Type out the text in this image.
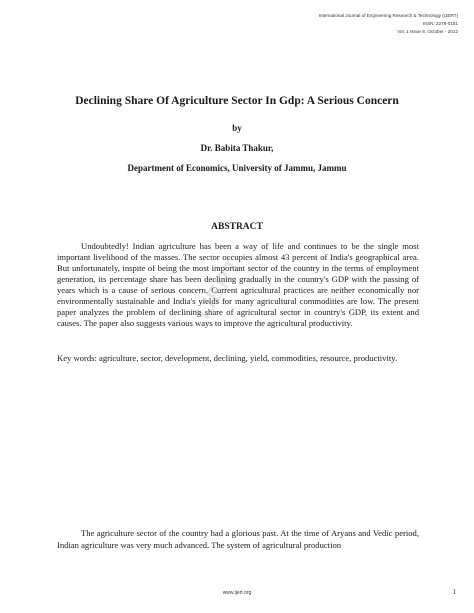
International Journal of Engineering Research & Technology (IJERT)
ISSN: 2278-0181
Vol. 1 Issue 8, October - 2012
Declining Share Of Agriculture Sector In Gdp: A Serious Concern
by
Dr. Babita Thakur,
Department of Economics, University of Jammu, Jammu
ABSTRACT

Undoubtedly! Indian agriculture has been a way of life and continues to be the single most important livelihood of the masses. The sector occupies almost 43 percent of India's geographical area. But unfortunately, inspite of being the most important sector of the country in the terms of employment generation, its percentage share has been declining gradually in the country's GDP with the passing of years which is a cause of serious concern. Current agricultural practices are neither economically nor environmentally sustainable and India's yields for many agricultural commodities are low. The present paper analyzes the problem of declining share of agricultural sector in country's GDP, its extent and causes. The paper also suggests various ways to improve the agricultural productivity.

Key words: agriculture, sector, development, declining, yield, commodities, resource, productivity.

IJERT

The agriculture sector of the country had a glorious past. At the time of Aryans and Vedic period, Indian agriculture was very much advanced. The system of agricultural production

www.ijert.org	1
